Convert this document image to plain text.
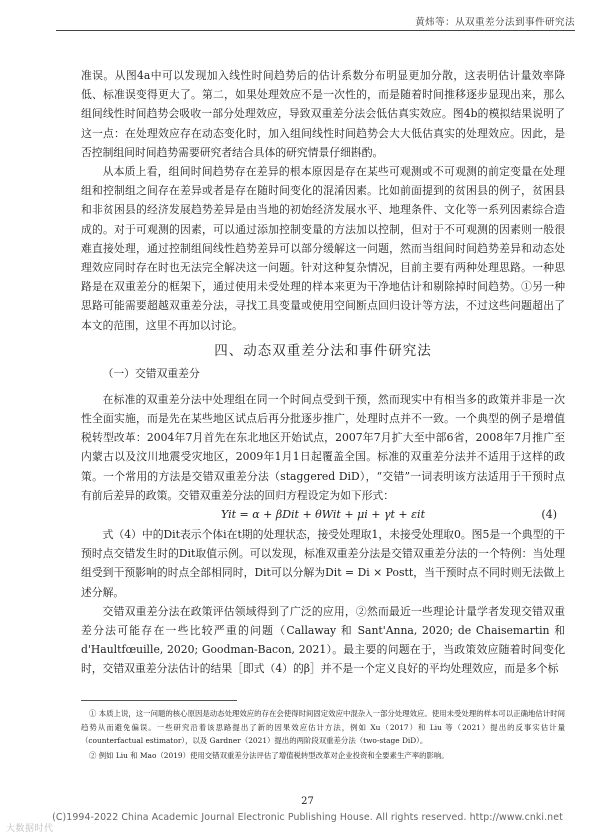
黄炜等：从双重差分法到事件研究法

准误。从图4a中可以发现加入线性时间趋势后的估计系数分布明显更加分散，这表明估计量效率降低、标准误变得更大了。第二，如果处理效应不是一次性的，而是随着时间推移逐步显现出来，那么组间线性时间趋势会吸收一部分处理效应，导致双重差分法会低估真实效应。图4b的模拟结果说明了这一点：在处理效应存在动态变化时，加入组间线性时间趋势会大大低估真实的处理效应。因此，是否控制组间时间趋势需要研究者结合具体的研究情景仔细斟酌。

从本质上看，组间时间趋势存在差异的根本原因是存在某些可观测或不可观测的前定变量在处理组和控制组之间存在差异或者是存在随时间变化的混淆因素。比如前面提到的贫困县的例子，贫困县和非贫困县的经济发展趋势差异是由当地的初始经济发展水平、地理条件、文化等一系列因素综合造成的。对于可观测的因素，可以通过添加控制变量的方法加以控制，但对于不可观测的因素则一般很难直接处理，通过控制组间线性趋势差异可以部分缓解这一问题，然而当组间时间趋势差异和动态处理效应同时存在时也无法完全解决这一问题。针对这种复杂情况，目前主要有两种处理思路。一种思路是在双重差分的框架下，通过使用未受处理的样本来更为干净地估计和剔除掉时间趋势。①另一种思路可能需要超越双重差分法，寻找工具变量或使用空间断点回归设计等方法，不过这些问题超出了本文的范围，这里不再加以讨论。

四、动态双重差分法和事件研究法
（一）交错双重差分

在标准的双重差分法中处理组在同一个时间点受到干预，然而现实中有相当多的政策并非是一次性全面实施，而是先在某些地区试点后再分批逐步推广，处理时点并不一致。一个典型的例子是增值税转型改革：2004年7月首先在东北地区开始试点，2007年7月扩大至中部6省，2008年7月推广至内蒙古以及汶川地震受灾地区，2009年1月1日起覆盖全国。标准的双重差分法并不适用于这样的政策。一个常用的方法是交错双重差分法（staggered DiD），“交错”一词表明该方法适用于干预时点有前后差异的政策。交错双重差分法的回归方程设定为如下形式：

Yit = α + βDit + θWit + μi + γt + εit	(4)

式（4）中的Dit表示个体i在t期的处理状态，接受处理取1，未接受处理取0。图5是一个典型的干预时点交错发生时的Dit取值示例。可以发现，标准双重差分法是交错双重差分法的一个特例：当处理组受到干预影响的时点全部相同时，Dit可以分解为Dit = Di × Postt，当干预时点不同时则无法做上述分解。

交错双重差分法在政策评估领域得到了广泛的应用，②然而最近一些理论计量学者发现交错双重差分法可能存在一些比较严重的问题（Callaway 和 Sant'Anna, 2020; de Chaisemartin 和 d'Haultfœuille, 2020; Goodman-Bacon, 2021）。最主要的问题在于，当政策效应随着时间变化时，交错双重差分法估计的结果［即式（4）的β］并不是一个定义良好的平均处理效应，而是多个标

① 本质上说，这一问题的核心原因是动态处理效应的存在会使得时间固定效应中混杂入一部分处理效应。使用未受处理的样本可以正确地估计时间趋势从而避免偏误。一些研究沿着该思路提出了新的因果效应估计方法，例如 Xu（2017）和 Liu 等（2021）提出的反事实估计量（counterfactual estimator），以及 Gardner（2021）提出的两阶段双重差分法（two-stage DiD）。

② 例如 Liu 和 Mao（2019）使用交错双重差分法评估了增值税转型改革对企业投资和全要素生产率的影响。

27
(C)1994-2022 China Academic Journal Electronic Publishing House. All rights reserved. http://www.cnki.net
大数据时代
